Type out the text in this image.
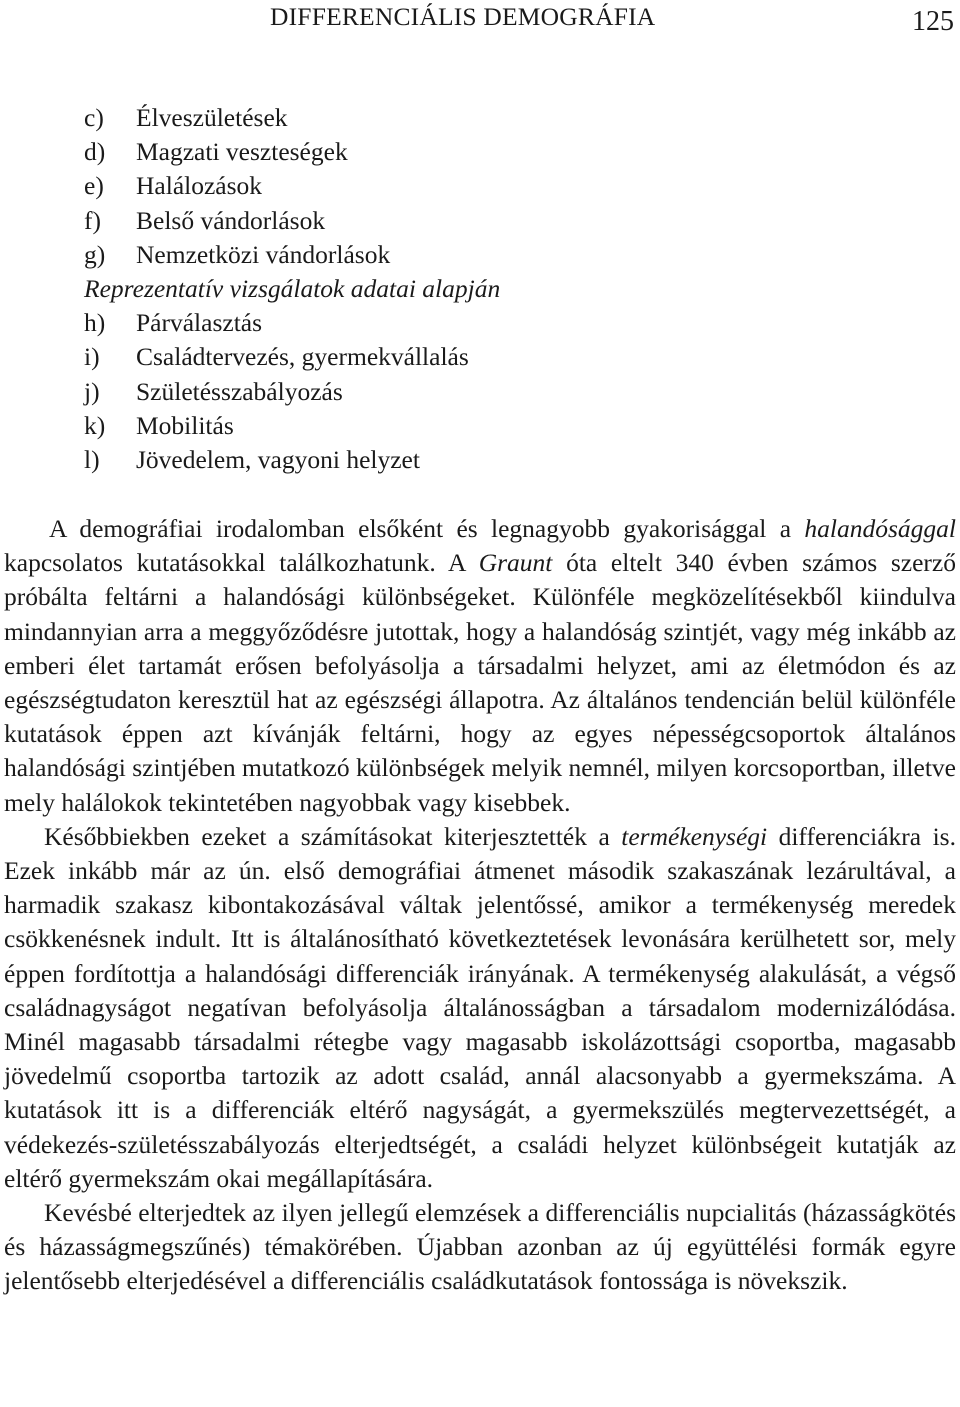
DIFFERENCIÁLIS DEMOGRÁFIA	125
c) Élveszületések
d) Magzati veszteségek
e) Halálozások
f) Belső vándorlások
g) Nemzetközi vándorlások
Reprezentatív vizsgálatok adatai alapján
h) Párválasztás
i) Családtervezés, gyermekvállalás
j) Születésszabályozás
k) Mobilitás
l) Jövedelem, vagyoni helyzet

A demográfiai irodalomban elsőként és legnagyobb gyakorisággal a halandósággal kapcsolatos kutatásokkal találkozhatunk. A Graunt óta eltelt 340 évben számos szerző próbálta feltárni a halandósági különbségeket. Különféle megközelítésekből kiindulva mindannyian arra a meggyőződésre jutottak, hogy a halandóság szintjét, vagy még inkább az emberi élet tartamát erősen befolyásolja a társadalmi helyzet, ami az életmódon és az egészségtudaton keresztül hat az egészségi állapotra. Az általános tendencián belül különféle kutatások éppen azt kívánják feltárni, hogy az egyes népességcsoportok általános halandósági szintjében mutatkozó különbségek melyik nemnél, milyen korcsoportban, illetve mely halálokok tekintetében nagyobbak vagy kisebbek.

Későbbiekben ezeket a számításokat kiterjesztették a termékenységi differenciákra is. Ezek inkább már az ún. első demográfiai átmenet második szakaszának lezárultával, a harmadik szakasz kibontakozásával váltak jelentőssé, amikor a termékenység meredek csökkenésnek indult. Itt is általánosítható következtetések levonására kerülhetett sor, mely éppen fordítottja a halandósági differenciák irányának. A termékenység alakulását, a végső családnagyságot negatívan befolyásolja általánosságban a társadalom modernizálódása. Minél magasabb társadalmi rétegbe vagy magasabb iskolázottsági csoportba, magasabb jövedelmű csoportba tartozik az adott család, annál alacsonyabb a gyermekszáma. A kutatások itt is a differenciák eltérő nagyságát, a gyermekszülés megtervezettségét, a védekezés-születésszabályozás elterjedtségét, a családi helyzet különbségeit kutatják az eltérő gyermekszám okai megállapítására.

Kevésbé elterjedtek az ilyen jellegű elemzések a differenciális nupcialitás (házasságkötés és házasságmegszűnés) témakörében. Újabban azonban az új együttélési formák egyre jelentősebb elterjedésével a differenciális családkutatások fontossága is növekszik.
